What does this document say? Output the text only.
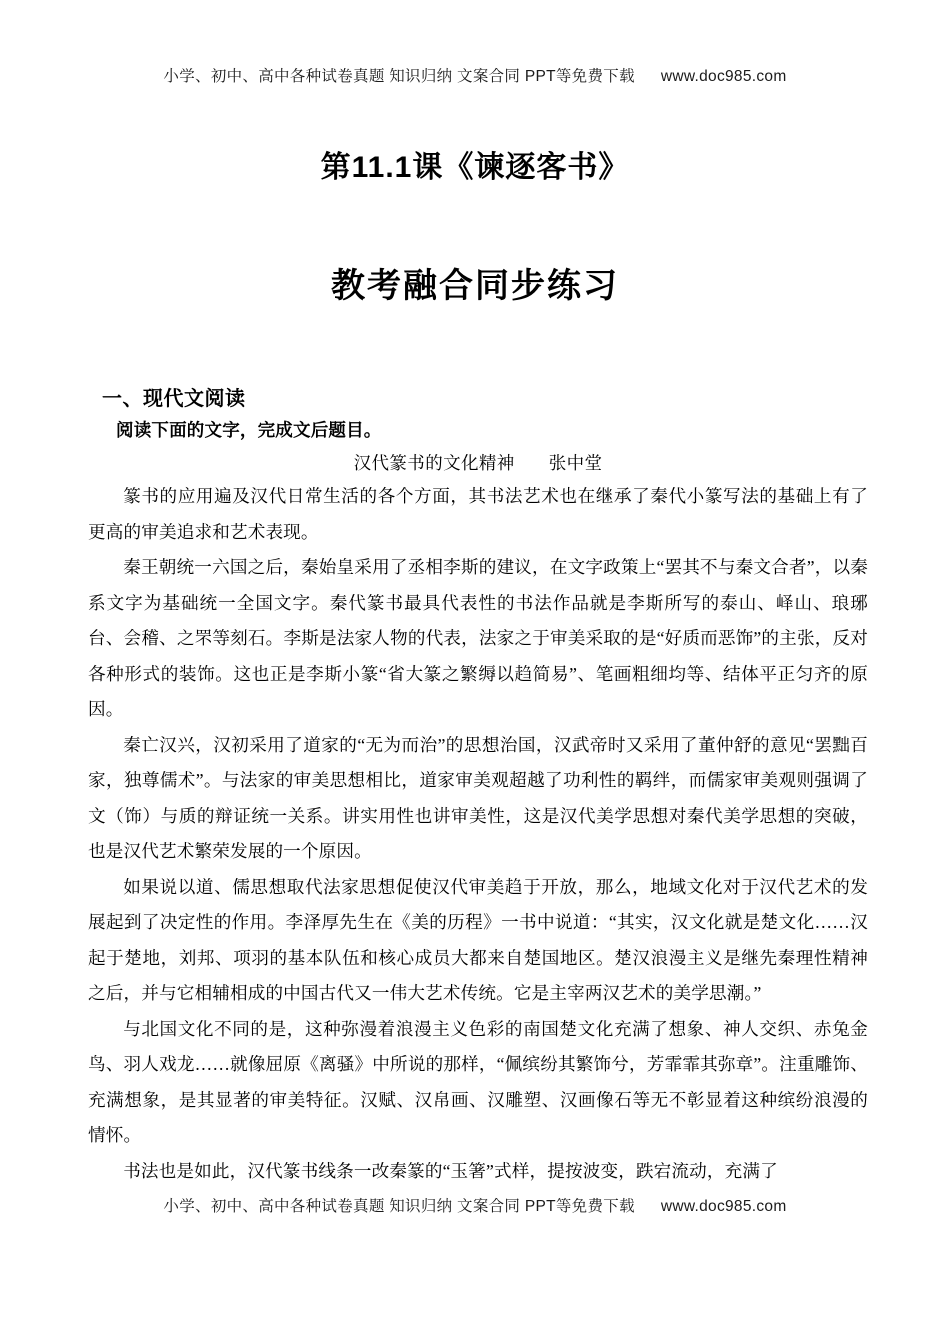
小学、初中、高中各种试卷真题 知识归纳 文案合同 PPT等免费下载 www.doc985.com
第11.1课《谏逐客书》
教考融合同步练习
一、现代文阅读
阅读下面的文字，完成文后题目。
汉代篆书的文化精神 张中堂

篆书的应用遍及汉代日常生活的各个方面，其书法艺术也在继承了秦代小篆写法的基础上有了更高的审美追求和艺术表现。

秦王朝统一六国之后，秦始皇采用了丞相李斯的建议，在文字政策上“罢其不与秦文合者”，以秦系文字为基础统一全国文字。秦代篆书最具代表性的书法作品就是李斯所写的泰山、峄山、琅琊台、会稽、之罘等刻石。李斯是法家人物的代表，法家之于审美采取的是“好质而恶饰”的主张，反对各种形式的装饰。这也正是李斯小篆“省大篆之繁缛以趋简易”、笔画粗细均等、结体平正匀齐的原因。

秦亡汉兴，汉初采用了道家的“无为而治”的思想治国，汉武帝时又采用了董仲舒的意见“罢黜百家，独尊儒术”。与法家的审美思想相比，道家审美观超越了功利性的羁绊，而儒家审美观则强调了文（饰）与质的辩证统一关系。讲实用性也讲审美性，这是汉代美学思想对秦代美学思想的突破，也是汉代艺术繁荣发展的一个原因。

如果说以道、儒思想取代法家思想促使汉代审美趋于开放，那么，地域文化对于汉代艺术的发展起到了决定性的作用。李泽厚先生在《美的历程》一书中说道：“其实，汉文化就是楚文化……汉起于楚地，刘邦、项羽的基本队伍和核心成员大都来自楚国地区。楚汉浪漫主义是继先秦理性精神之后，并与它相辅相成的中国古代又一伟大艺术传统。它是主宰两汉艺术的美学思潮。”

与北国文化不同的是，这种弥漫着浪漫主义色彩的南国楚文化充满了想象、神人交织、赤兔金鸟、羽人戏龙……就像屈原《离骚》中所说的那样，“佩缤纷其繁饰兮，芳霏霏其弥章”。注重雕饰、充满想象，是其显著的审美特征。汉赋、汉帛画、汉雕塑、汉画像石等无不彰显着这种缤纷浪漫的情怀。

书法也是如此，汉代篆书线条一改秦篆的“玉箸”式样，提按波变，跌宕流动，充满了

小学、初中、高中各种试卷真题 知识归纳 文案合同 PPT等免费下载 www.doc985.com
